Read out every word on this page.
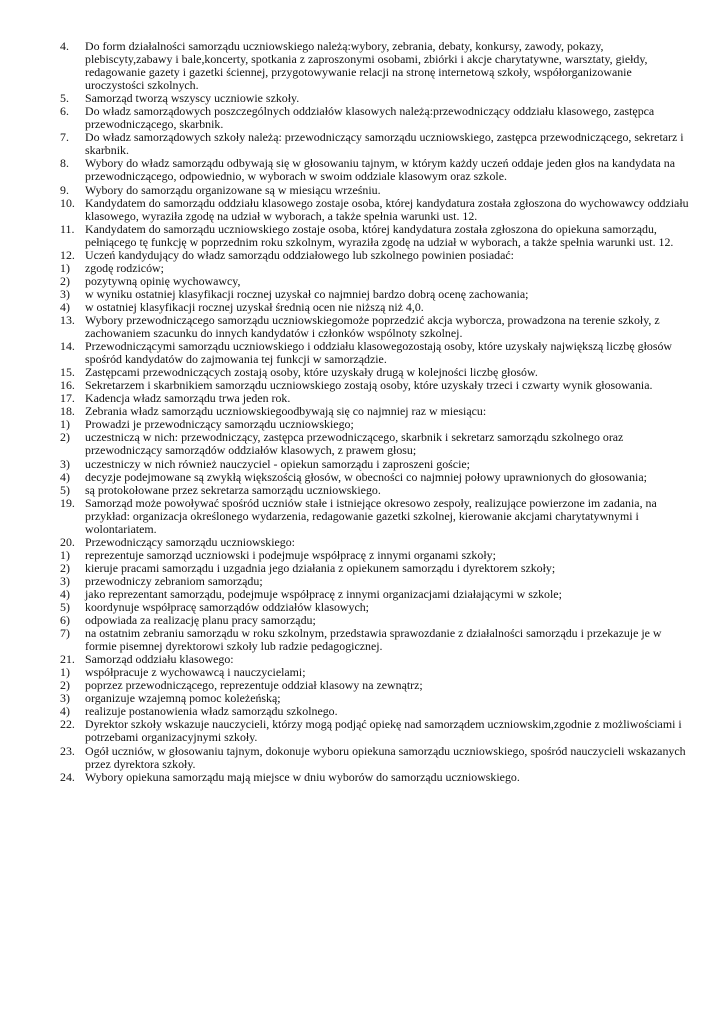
4.	Do form działalności samorządu uczniowskiego należą:wybory, zebrania, debaty, konkursy, zawody, pokazy, plebiscyty,zabawy i bale,koncerty, spotkania z zaproszonymi osobami, zbiórki i akcje charytatywne, warsztaty, giełdy, redagowanie gazety i gazetki ściennej, przygotowywanie relacji na stronę internetową szkoły, współorganizowanie uroczystości szkolnych.
5.	Samorząd tworzą wszyscy uczniowie szkoły.
6.	Do władz samorządowych poszczególnych oddziałów klasowych należą:przewodniczący oddziału klasowego, zastępca przewodniczącego, skarbnik.
7.	Do władz samorządowych szkoły należą: przewodniczący samorządu uczniowskiego, zastępca przewodniczącego, sekretarz i skarbnik.
8.	Wybory do władz samorządu odbywają się w głosowaniu tajnym, w którym każdy uczeń oddaje jeden głos na kandydata na przewodniczącego, odpowiednio, w wyborach w swoim oddziale klasowym oraz szkole.
9.	Wybory do samorządu organizowane są w miesiącu wrześniu.
10. Kandydatem do samorządu oddziału klasowego zostaje osoba, której kandydatura została zgłoszona do wychowawcy oddziału klasowego, wyraziła zgodę na udział w wyborach, a także spełnia warunki ust. 12.
11. Kandydatem do samorządu uczniowskiego zostaje osoba, której kandydatura została zgłoszona do opiekuna samorządu, pełniącego tę funkcję w poprzednim roku szkolnym, wyraziła zgodę na udział w wyborach, a także spełnia warunki ust. 12.
12. Uczeń kandydujący do władz samorządu oddziałowego lub szkolnego powinien posiadać:
1)	zgodę rodziców;
2)	pozytywną opinię wychowawcy,
3)	w wyniku ostatniej klasyfikacji rocznej uzyskał co najmniej bardzo dobrą ocenę zachowania;
4)	w ostatniej klasyfikacji rocznej uzyskał średnią ocen nie niższą niż 4,0.
13. Wybory przewodniczącego samorządu uczniowskiegomoże poprzedzić akcja wyborcza, prowadzona na terenie szkoły, z zachowaniem szacunku do innych kandydatów i członków wspólnoty szkolnej.
14. Przewodniczącymi samorządu uczniowskiego i oddziału klasowegozostają osoby, które uzyskały największą liczbę głosów spośród kandydatów do zajmowania tej funkcji w samorządzie.
15. Zastępcami przewodniczących zostają osoby, które uzyskały drugą w kolejności liczbę głosów.
16. Sekretarzem i skarbnikiem samorządu uczniowskiego zostają osoby, które uzyskały trzeci i czwarty wynik głosowania.
17. Kadencja władz samorządu trwa jeden rok.
18. Zebrania władz samorządu uczniowskiegoodbywają się co najmniej raz w miesiącu:
1)	Prowadzi je przewodniczący samorządu uczniowskiego;
2)	uczestniczą w nich: przewodniczący, zastępca przewodniczącego, skarbnik i sekretarz samorządu szkolnego oraz przewodniczący samorządów oddziałów klasowych, z prawem głosu;
3)	uczestniczy w nich również nauczyciel - opiekun samorządu i zaproszeni goście;
4)	decyzje podejmowane są zwykłą większością głosów, w obecności co najmniej połowy uprawnionych do głosowania;
5)	są protokołowane przez sekretarza samorządu uczniowskiego.
19. Samorząd może powoływać spośród uczniów stałe i istniejące okresowo zespoły, realizujące powierzone im zadania, na przykład: organizacja określonego wydarzenia, redagowanie gazetki szkolnej, kierowanie akcjami charytatywnymi i wolontariatem.
20. Przewodniczący samorządu uczniowskiego:
1)	reprezentuje samorząd uczniowski i podejmuje współpracę z innymi organami szkoły;
2)	kieruje pracami samorządu i uzgadnia jego działania z opiekunem samorządu i dyrektorem szkoły;
3)	przewodniczy zebraniom samorządu;
4)	jako reprezentant samorządu, podejmuje współpracę z innymi organizacjami działającymi w szkole;
5)	koordynuje współpracę samorządów oddziałów klasowych;
6)	odpowiada za realizację planu pracy samorządu;
7)	na ostatnim zebraniu samorządu w roku szkolnym, przedstawia sprawozdanie z działalności samorządu i przekazuje je w formie pisemnej dyrektorowi szkoły lub radzie pedagogicznej.
21. Samorząd oddziału klasowego:
1)	współpracuje z wychowawcą i nauczycielami;
2)	poprzez przewodniczącego, reprezentuje oddział klasowy na zewnątrz;
3)	organizuje wzajemną pomoc koleżeńską;
4)	realizuje postanowienia władz samorządu szkolnego.
22. Dyrektor szkoły wskazuje nauczycieli, którzy mogą podjąć opiekę nad samorządem uczniowskim,zgodnie z możliwościami i potrzebami organizacyjnymi szkoły.
23. Ogół uczniów, w głosowaniu tajnym, dokonuje wyboru opiekuna samorządu uczniowskiego, spośród nauczycieli wskazanych przez dyrektora szkoły.
24. Wybory opiekuna samorządu mają miejsce w dniu wyborów do samorządu uczniowskiego.
